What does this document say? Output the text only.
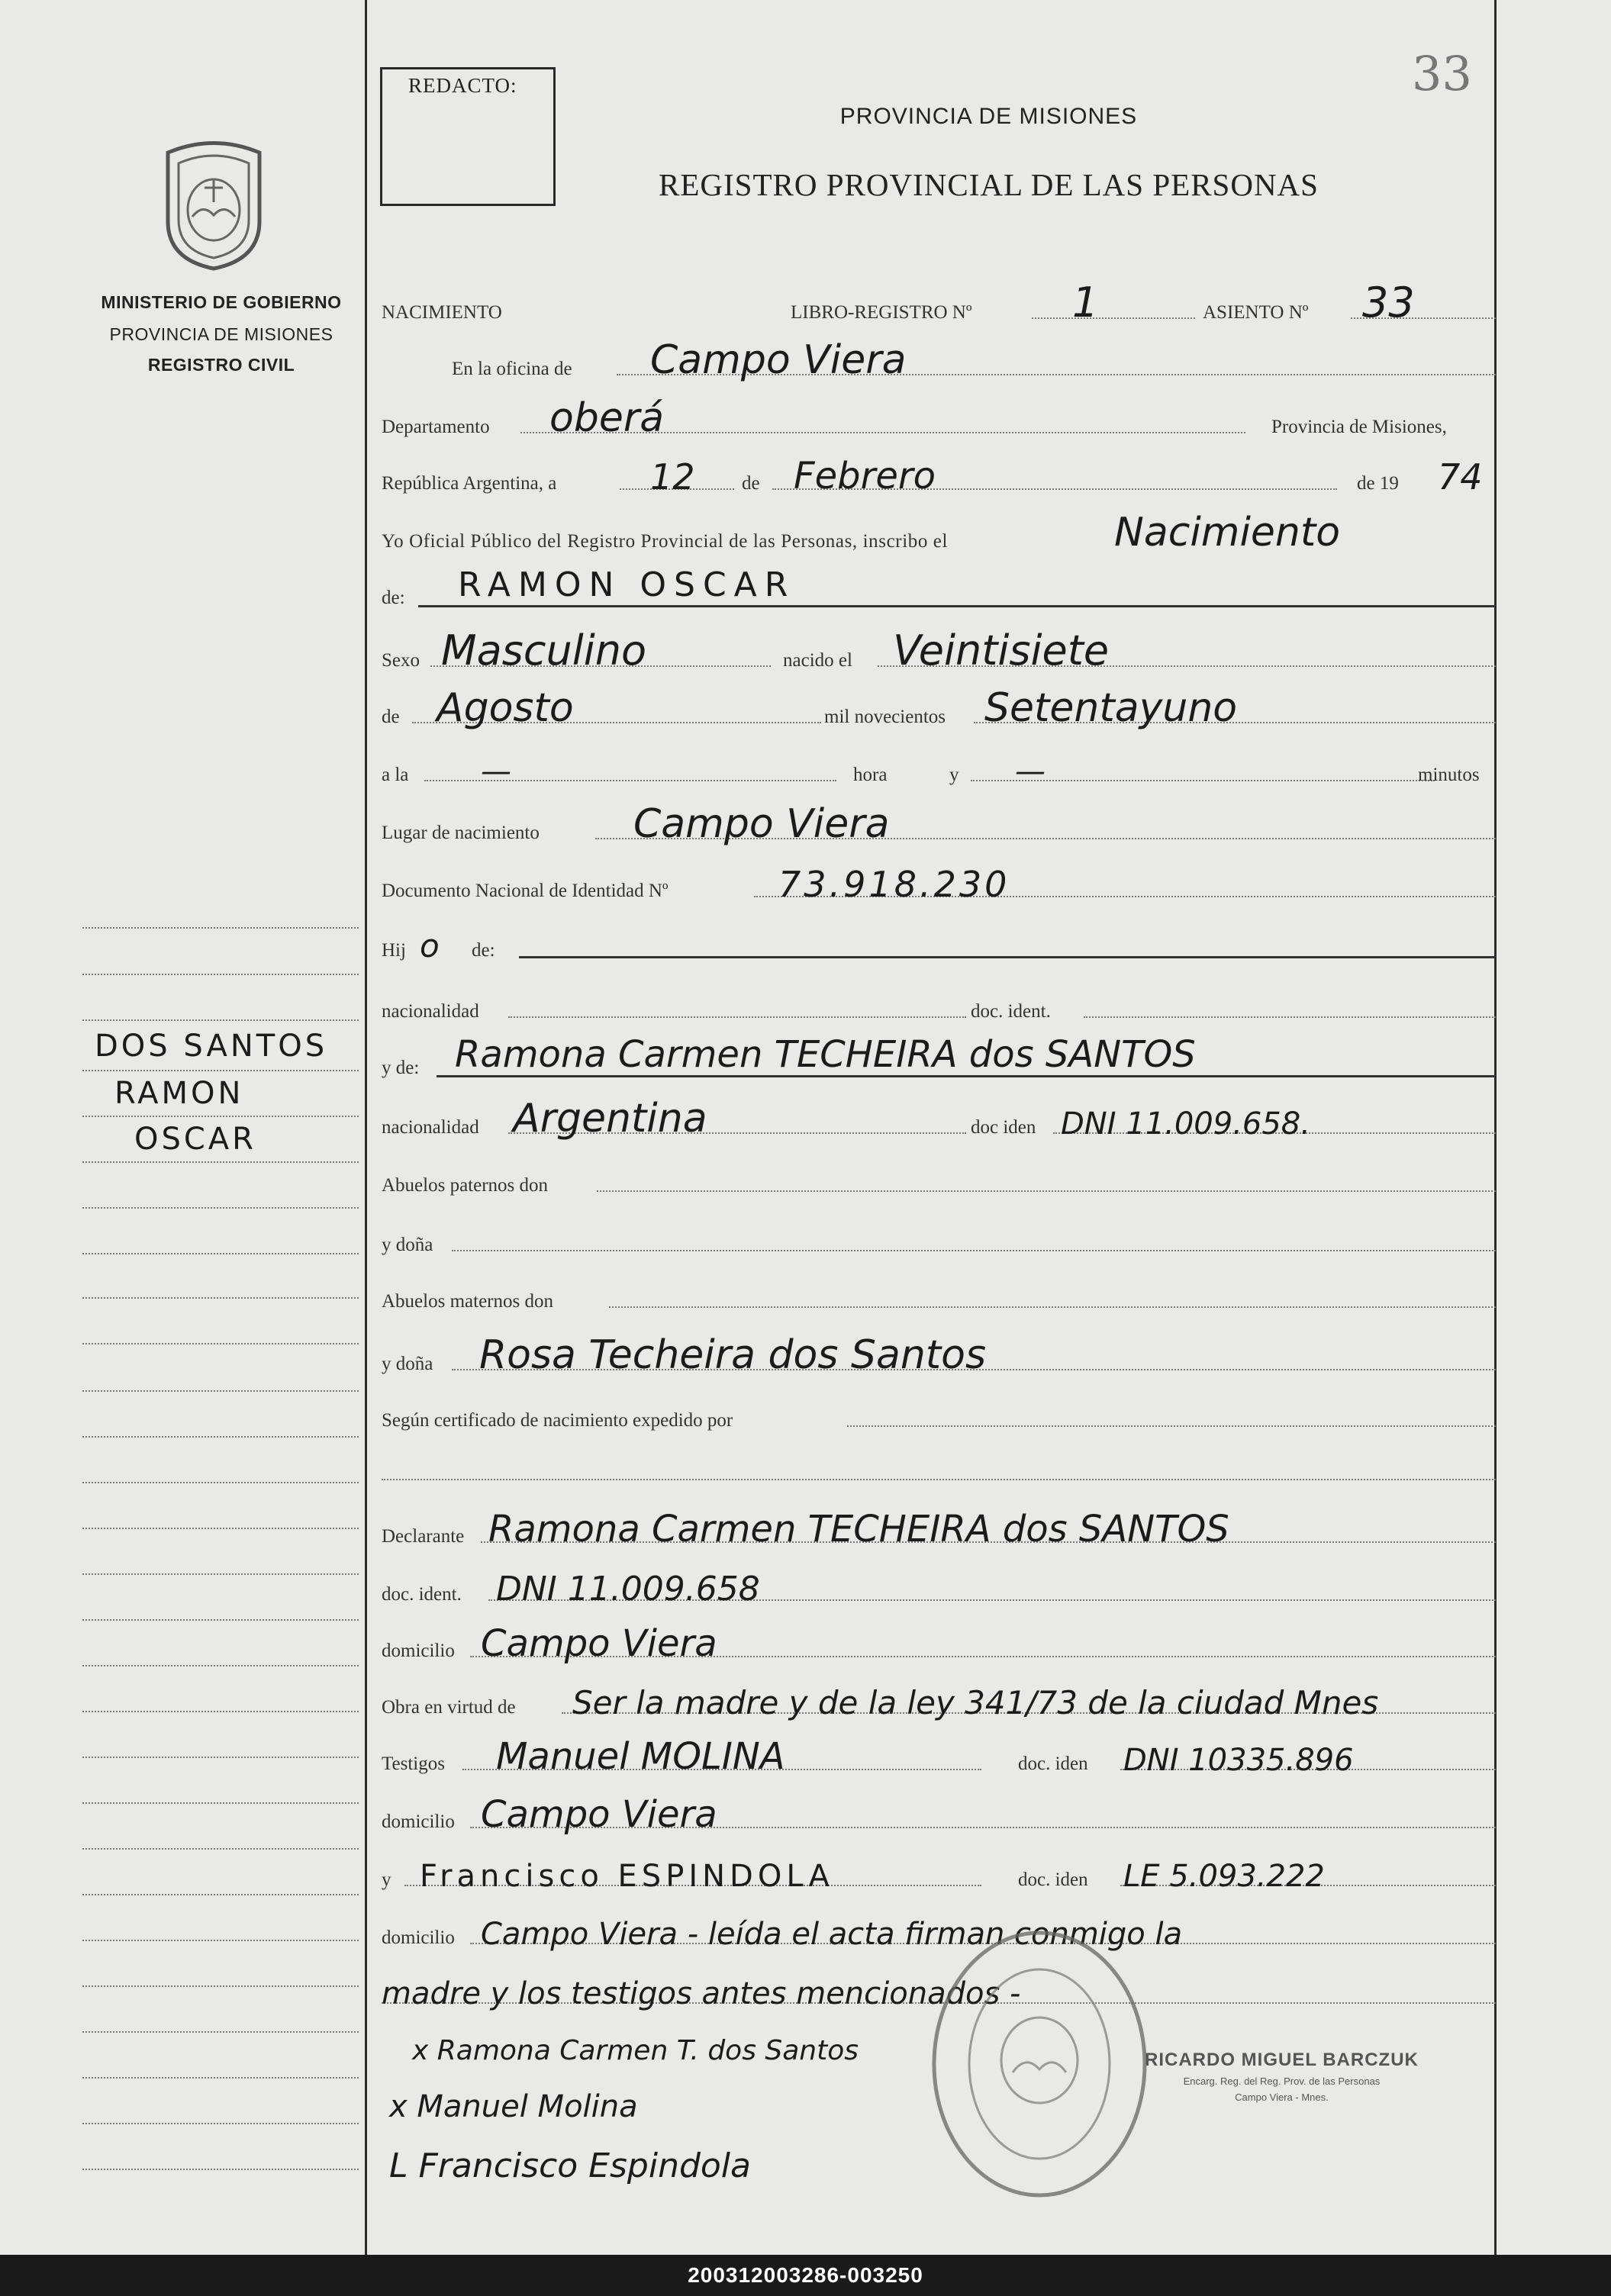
REDACTO:	33
PROVINCIA DE MISIONES
REGISTRO PROVINCIAL DE LAS PERSONAS
MINISTERIO DE GOBIERNO
PROVINCIA DE MISIONES
REGISTRO CIVIL
DOS SANTOS
RAMON
OSCAR
NACIMIENTO	LIBRO-REGISTRO Nº 1	ASIENTO Nº 33
En la oficina de Campo Viera
Departamento oberá	Provincia de Misiones,
República Argentina, a	12 de Febrero	de 19 74
Yo Oficial Público del Registro Provincial de las Personas, inscribo el	Nacimiento
de: RAMON OSCAR
Sexo Masculino	nacido el Veintisiete
de Agosto	mil novecientos Setentayuno
a la —	hora	y —	minutos
Lugar de nacimiento Campo Viera
Documento Nacional de Identidad Nº	73.918.230
Hij o de:
nacionalidad	doc. ident.
y de: Ramona Carmen TECHEIRA dos SANTOS
nacionalidad Argentina	doc iden DNI 11.009.658.
Abuelos paternos don
y doña
Abuelos maternos don
y doña Rosa Techeira dos Santos
Según certificado de nacimiento expedido por
Declarante Ramona Carmen TECHEIRA dos SANTOS
doc. ident. DNI 11.009.658
domicilio Campo Viera
Obra en virtud de Ser la madre y de la ley 341/73 de la ciudad Mnes
Testigos Manuel MOLINA	doc. iden DNI 10335.896
domicilio Campo Viera
y Francisco ESPINDOLA	doc. iden LE 5.093.222
domicilio Campo Viera - leída el acta firman conmigo la
madre y los testigos antes mencionados -
x Ramona Carmen T. dos Santos
x Manuel Molina
L Francisco Espindola
RICARDO MIGUEL BARCZUK
Encarg. Reg. del Reg. Prov. de las Personas
Campo Viera - Mnes.
200312003286-003250
